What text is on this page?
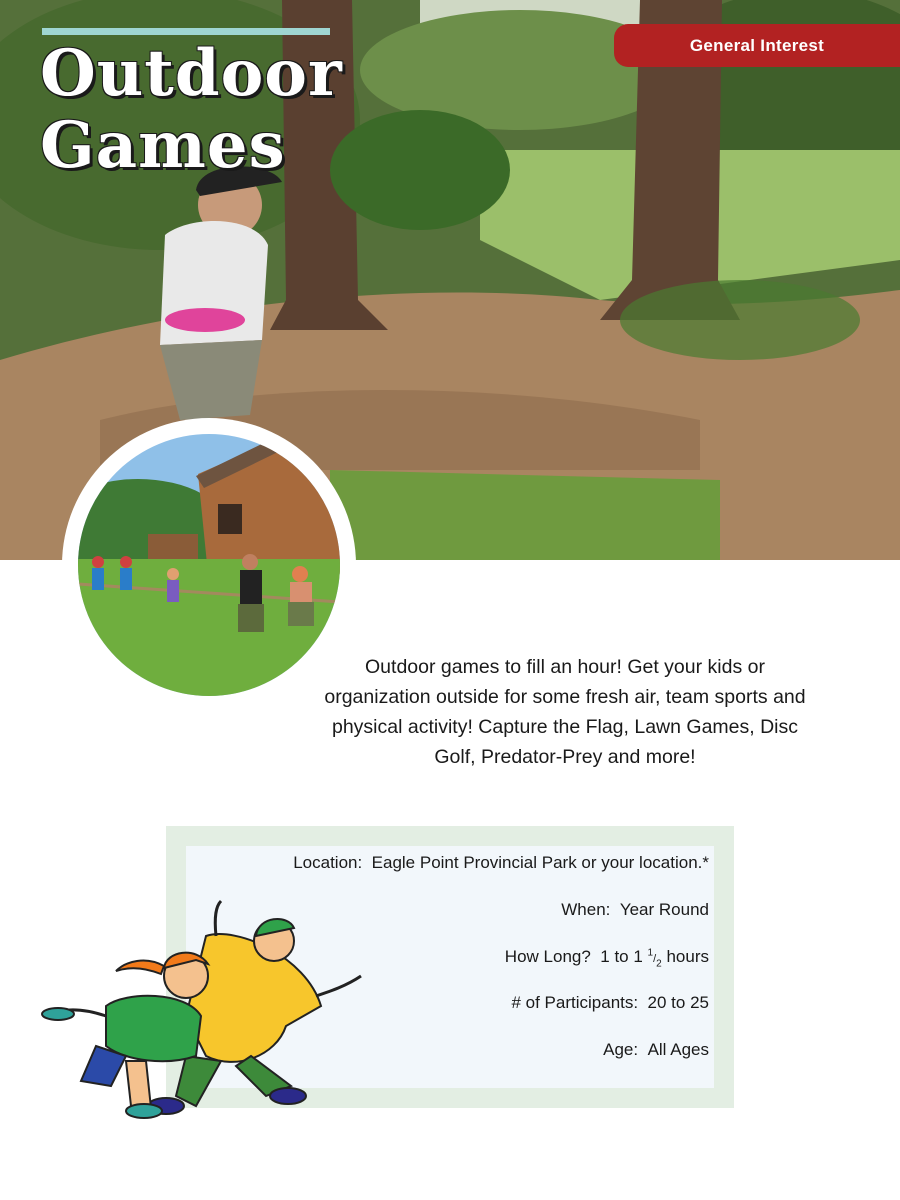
Outdoor
Games
General Interest

Outdoor games to fill an hour! Get your kids or organization outside for some fresh air, team sports and physical activity! Capture the Flag, Lawn Games, Disc Golf, Predator-Prey and more!

Location: Eagle Point Provincial Park or your location.*
When: Year Round
How Long? 1 to 1 $^1/_2$ hours
# of Participants: 20 to 25
Age: All Ages
